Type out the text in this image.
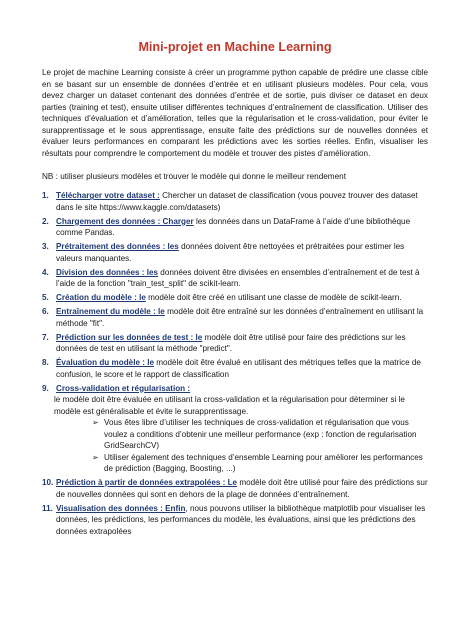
Mini-projet en Machine Learning

Le projet de machine Learning consiste à créer un programme python capable de prédire une classe cible en se basant sur un ensemble de données d’entrée et en utilisant plusieurs modèles. Pour cela, vous devez charger un dataset contenant des données d’entrée et de sortie, puis diviser ce dataset en deux parties (training et test), ensuite utiliser différentes techniques d’entraînement de classification. Utiliser des techniques d’évaluation et d’amélioration, telles que la régularisation et le cross-validation, pour éviter le surapprentissage et le sous apprentissage, ensuite faite des prédictions sur de nouvelles données et évaluer leurs performances en comparant les prédictions avec les sorties réelles. Enfin, visualiser les résultats pour comprendre le comportement du modèle et trouver des pistes d’amélioration.

NB : utiliser plusieurs modèles et trouver le modèle qui donne le meilleur rendement

1. Télécharger votre dataset : Chercher un dataset de classification (vous pouvez trouver des dataset dans le site https://www.kaggle.com/datasets)
2. Chargement des données : Charger les données dans un DataFrame à l’aide d’une bibliothèque comme Pandas.
3. Prétraitement des données : les données doivent être nettoyées et prétraitées pour estimer les valeurs manquantes.
4. Division des données : les données doivent être divisées en ensembles d’entraînement et de test à l’aide de la fonction "train_test_split" de scikit-learn.
5. Création du modèle : le modèle doit être créé en utilisant une classe de modèle de scikit-learn.
6. Entraînement du modèle : le modèle doit être entraîné sur les données d’entraînement en utilisant la méthode "fit".
7. Prédiction sur les données de test : le modèle doit être utilisé pour faire des prédictions sur les données de test en utilisant la méthode "predict".
8. Évaluation du modèle : le modèle doit être évalué en utilisant des métriques telles que la matrice de confusion, le score et le rapport de classification
9. Cross-validation et régularisation :
le modèle doit être évaluée en utilisant la cross-validation et la régularisation pour déterminer si le modèle est généralisable et évite le surapprentissage.
➢ Vous êtes libre d’utiliser les techniques de cross-validation et régularisation que vous voulez a conditions d’obtenir une meilleur performance (exp : fonction de regularisation GridSearchCV)
➢ Utiliser également des techniques d’ensemble Learning pour améliorer les performances de prédiction (Bagging, Boosting, ...)
10. Prédiction à partir de données extrapolées : Le modèle doit être utilisé pour faire des prédictions sur de nouvelles données qui sont en dehors de la plage de données d’entraînement.
11. Visualisation des données : Enfin, nous pouvons utiliser la bibliothèque matplotlib pour visualiser les données, les prédictions, les performances du modèle, les évaluations, ainsi que les prédictions des données extrapolées
